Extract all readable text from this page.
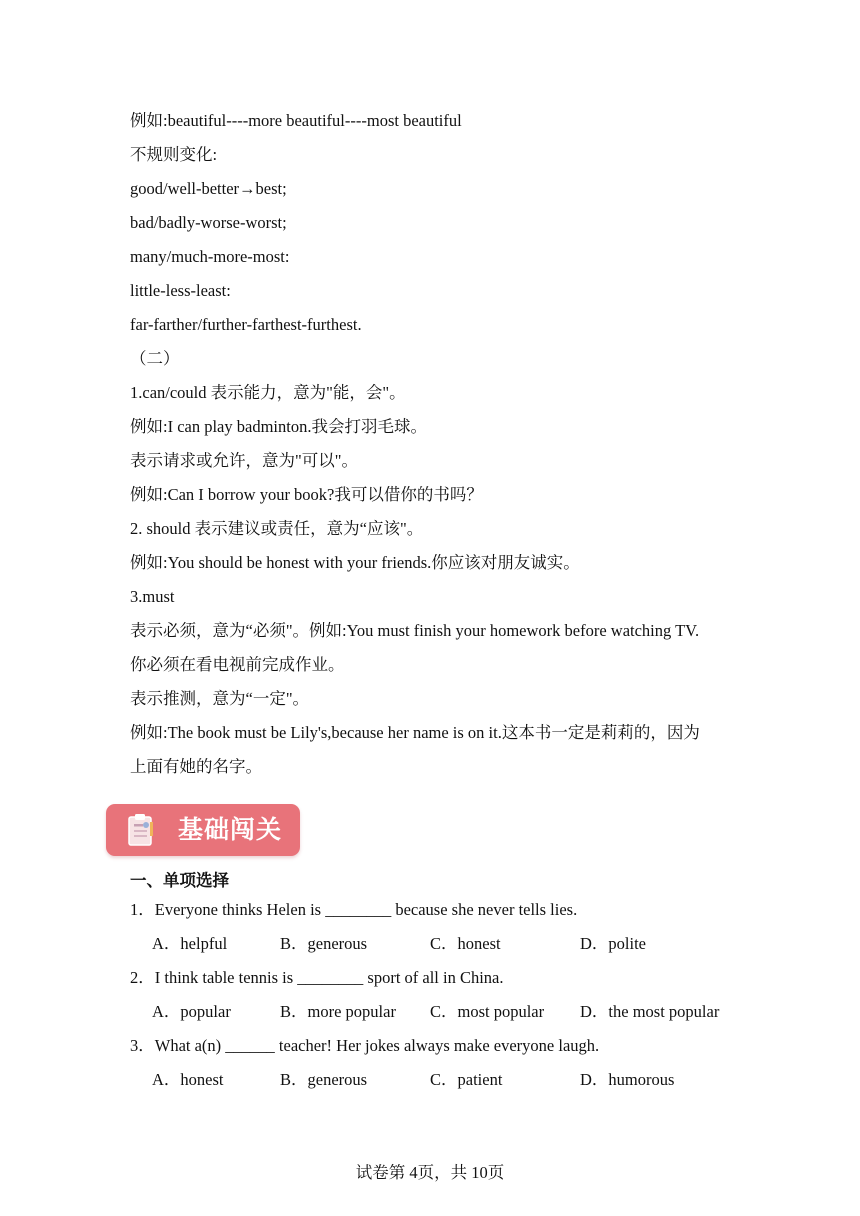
例如:beautiful----more beautiful----most beautiful
不规则变化:
good/well-better→best;
bad/badly-worse-worst;
many/much-more-most:
little-less-least:
far-farther/further-farthest-furthest.
（二）
1.can/could 表示能力，意为"能，会"。
例如:I can play badminton.我会打羽毛球。
表示请求或允许，意为"可以"。
例如:Can I borrow your book?我可以借你的书吗？
2. should 表示建议或责任，意为“应该"。
例如:You should be honest with your friends.你应该对朋友诚实。
3.must
表示必须，意为“必须"。例如:You must finish your homework before watching TV.
你必须在看电视前完成作业。
表示推测，意为“一定"。
例如:The book must be Lily's,because her name is on it.这本书一定是莉莉的，因为
上面有她的名字。
基础闯关
一、单项选择
1．Everyone thinks Helen is ________ because she never tells lies.
A．helpful	B．generous	C．honest	D．polite
2．I think table tennis is ________ sport of all in China.
A．popular	B．more popular C．most popular D．the most popular
3．What a(n) ______ teacher! Her jokes always make everyone laugh.
A．honest	B．generous	C．patient	D．humorous
试卷第 4页，共 10页
